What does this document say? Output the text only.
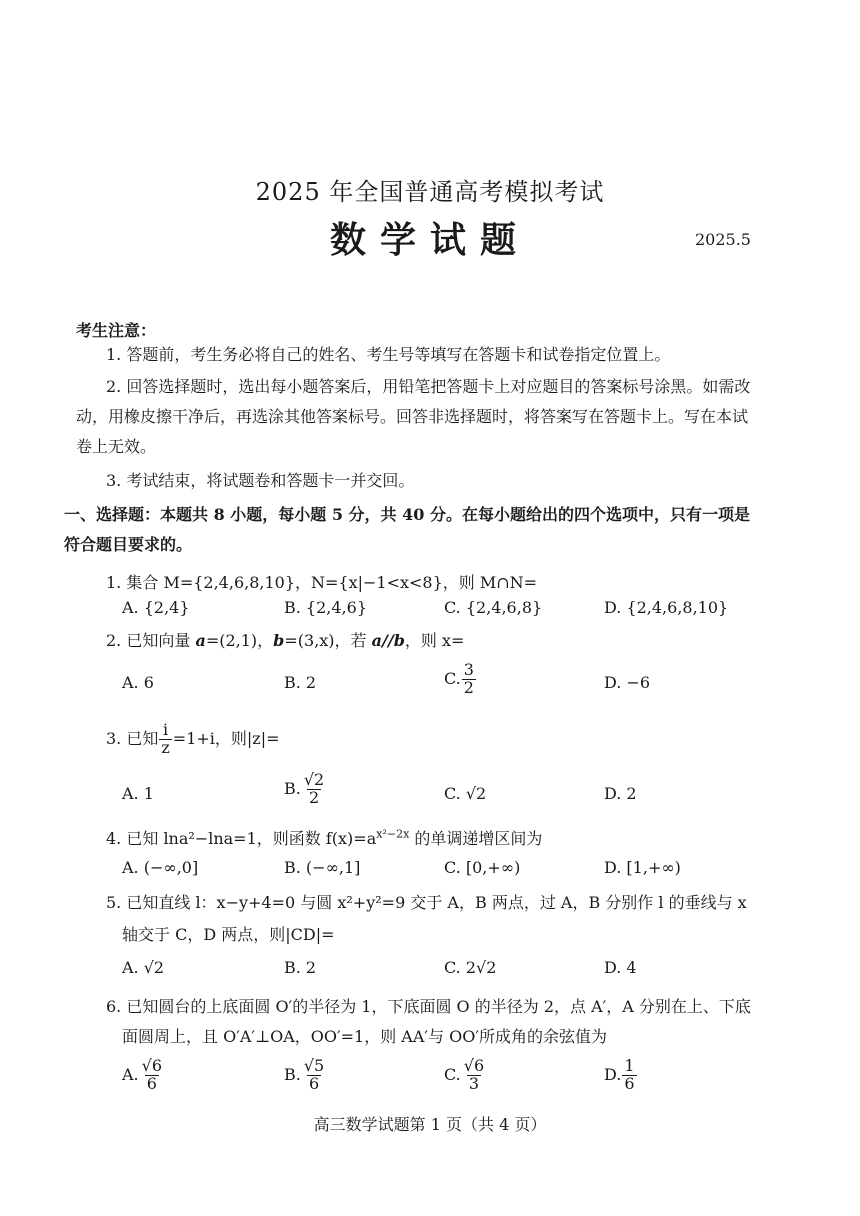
2025 年全国普通高考模拟考试
数学试题	2025.5
考生注意：
1. 答题前，考生务必将自己的姓名、考生号等填写在答题卡和试卷指定位置上。
2. 回答选择题时，选出每小题答案后，用铅笔把答题卡上对应题目的答案标号涂黑。如需改动，用橡皮擦干净后，再选涂其他答案标号。回答非选择题时，将答案写在答题卡上。写在本试卷上无效。
3. 考试结束，将试题卷和答题卡一并交回。
一、选择题：本题共 8 小题，每小题 5 分，共 40 分。在每小题给出的四个选项中，只有一项是符合题目要求的。
1. 集合 M={2,4,6,8,10}，N={x|−1<x<8}，则 M∩N=
A. {2,4}	B. {2,4,6}	C. {2,4,6,8}	D. {2,4,6,8,10}
2. 已知向量 a=(2,1)，b=(3,x)，若 a//b，则 x=
A. 6	B. 2	C. $\frac{3}{2}$	D. −6
3. 已知 $\frac{i}{z} =1+i$，则|z|=
A. 1	B. $\frac{√2}{2}$	C. √2	D. 2
4. 已知 lna²−lna=1，则函数 $f(x)=a^{x^2-2x}$ 的单调递增区间为
A. (−∞,0]	B. (−∞,1]	C. [0,+∞)	D. [1,+∞)
5. 已知直线 l：x−y+4=0 与圆 x²+y²=9 交于 A，B 两点，过 A，B 分别作 l 的垂线与 x
轴交于 C，D 两点，则|CD|=
A. √2	B. 2	C. 2√2	D. 4
6. 已知圆台的上底面圆 O′的半径为 1，下底面圆 O 的半径为 2，点 A′，A 分别在上、下底
面圆周上，且 O′A′⊥OA，OO′=1，则 AA′与 OO′所成角的余弦值为
A. $\frac{√6}{6}$	B. $\frac{√5}{6}$	C. $\frac{√6}{3}$	D. $\frac{1}{6}$
高三数学试题第 1 页（共 4 页）
